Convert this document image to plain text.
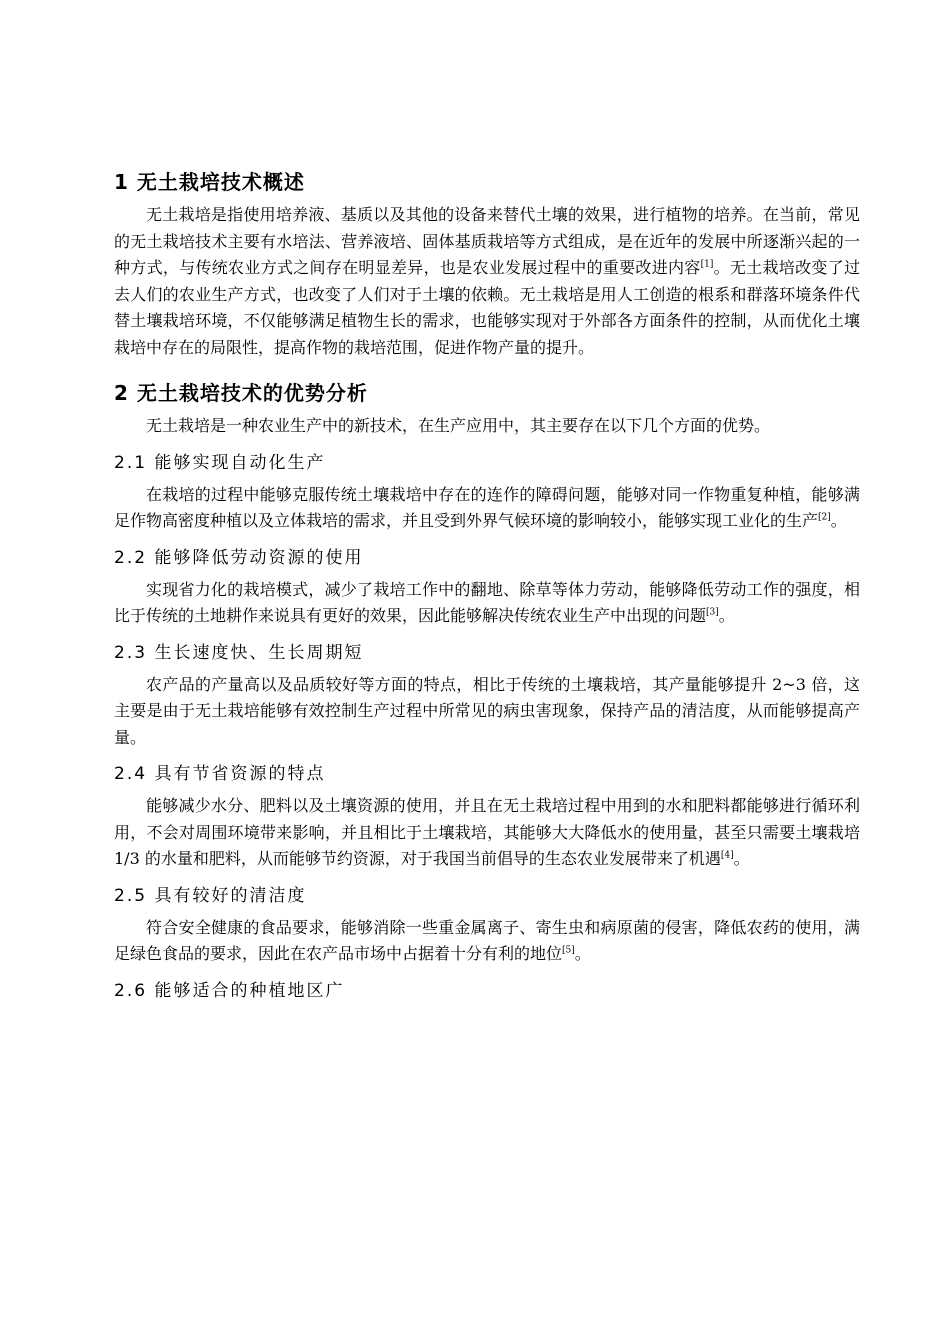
1 无土栽培技术概述

无土栽培是指使用培养液、基质以及其他的设备来替代土壤的效果，进行植物的培养。在当前，常见的无土栽培技术主要有水培法、营养液培、固体基质栽培等方式组成，是在近年的发展中所逐渐兴起的一种方式，与传统农业方式之间存在明显差异，也是农业发展过程中的重要改进内容[1]。无土栽培改变了过去人们的农业生产方式，也改变了人们对于土壤的依赖。无土栽培是用人工创造的根系和群落环境条件代替土壤栽培环境，不仅能够满足植物生长的需求，也能够实现对于外部各方面条件的控制，从而优化土壤栽培中存在的局限性，提高作物的栽培范围，促进作物产量的提升。

2 无土栽培技术的优势分析

无土栽培是一种农业生产中的新技术，在生产应用中，其主要存在以下几个方面的优势。

2.1 能够实现自动化生产

在栽培的过程中能够克服传统土壤栽培中存在的连作的障碍问题，能够对同一作物重复种植，能够满足作物高密度种植以及立体栽培的需求，并且受到外界气候环境的影响较小，能够实现工业化的生产[2]。

2.2 能够降低劳动资源的使用

实现省力化的栽培模式，减少了栽培工作中的翻地、除草等体力劳动，能够降低劳动工作的强度，相比于传统的土地耕作来说具有更好的效果，因此能够解决传统农业生产中出现的问题[3]。

2.3 生长速度快、生长周期短

农产品的产量高以及品质较好等方面的特点，相比于传统的土壤栽培，其产量能够提升 2~3 倍，这主要是由于无土栽培能够有效控制生产过程中所常见的病虫害现象，保持产品的清洁度，从而能够提高产量。

2.4 具有节省资源的特点

能够减少水分、肥料以及土壤资源的使用，并且在无土栽培过程中用到的水和肥料都能够进行循环利用，不会对周围环境带来影响，并且相比于土壤栽培，其能够大大降低水的使用量，甚至只需要土壤栽培 1/3 的水量和肥料，从而能够节约资源，对于我国当前倡导的生态农业发展带来了机遇[4]。

2.5 具有较好的清洁度

符合安全健康的食品要求，能够消除一些重金属离子、寄生虫和病原菌的侵害，降低农药的使用，满足绿色食品的要求，因此在农产品市场中占据着十分有利的地位[5]。

2.6 能够适合的种植地区广
